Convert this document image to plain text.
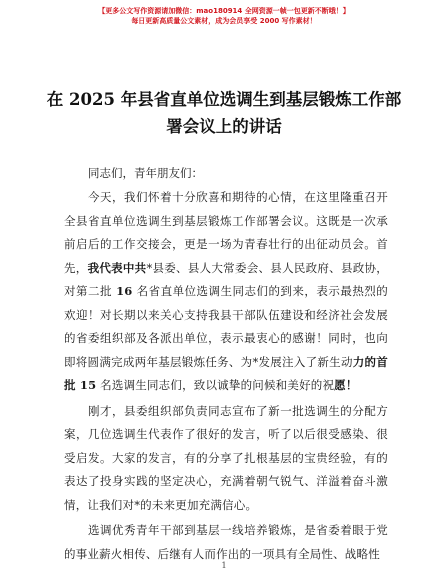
【更多公文写作资源请加微信：mao180914 全网资源一帧一包更新不断哦！】
每日更新高质量公文素材，成为会员享受 2000 写作素材！
在 2025 年县省直单位选调生到基层锻炼工作部署会议上的讲话
同志们，青年朋友们：

今天，我们怀着十分欣喜和期待的心情，在这里隆重召开全县省直单位选调生到基层锻炼工作部署会议。这既是一次承前启后的工作交接会，更是一场为青春壮行的出征动员会。首先，我代表中共*县委、县人大常委会、县人民政府、县政协，对第二批 16 名省直单位选调生同志们的到来，表示最热烈的欢迎！对长期以来关心支持我县干部队伍建设和经济社会发展的省委组织部及各派出单位，表示最衷心的感谢！同时，也向即将圆满完成两年基层锻炼任务、为*发展注入了新生动力的首批 15 名选调生同志们，致以诚挚的问候和美好的祝愿！

刚才，县委组织部负责同志宣布了新一批选调生的分配方案，几位选调生代表作了很好的发言，听了以后很受感染、很受启发。大家的发言，有的分享了扎根基层的宝贵经验，有的表达了投身实践的坚定决心，充满着朝气锐气、洋溢着奋斗激情，让我们对*的未来更加充满信心。

选调优秀青年干部到基层一线培养锻炼，是省委着眼于党的事业薪火相传、后继有人而作出的一项具有全局性、战略性

1
